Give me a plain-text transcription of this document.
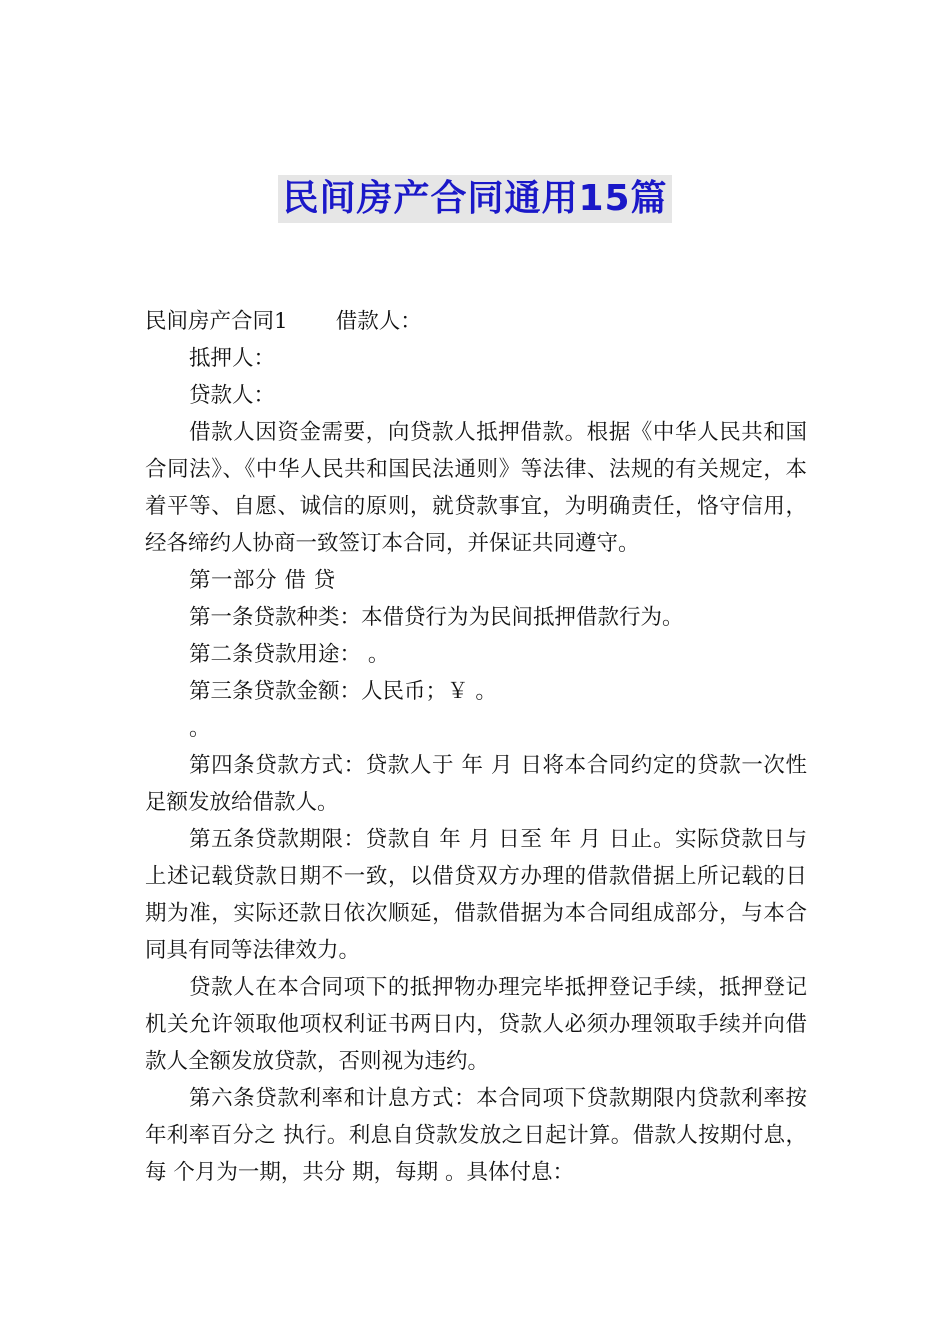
民间房产合同通用15篇

民间房产合同1 借款人：

抵押人：

贷款人：

借款人因资金需要，向贷款人抵押借款。根据《中华人民共和国合同法》、《中华人民共和国民法通则》等法律、法规的有关规定，本着平等、自愿、诚信的原则，就贷款事宜，为明确责任，恪守信用，经各缔约人协商一致签订本合同，并保证共同遵守。

第一部分 借 贷

第一条贷款种类：本借贷行为为民间抵押借款行为。

第二条贷款用途： 。

第三条贷款金额：人民币；￥ 。

。

第四条贷款方式：贷款人于 年 月 日将本合同约定的贷款一次性足额发放给借款人。

第五条贷款期限：贷款自 年 月 日至 年 月 日止。实际贷款日与上述记载贷款日期不一致，以借贷双方办理的借款借据上所记载的日期为准，实际还款日依次顺延，借款借据为本合同组成部分，与本合同具有同等法律效力。

贷款人在本合同项下的抵押物办理完毕抵押登记手续，抵押登记机关允许领取他项权利证书两日内，贷款人必须办理领取手续并向借款人全额发放贷款，否则视为违约。

第六条贷款利率和计息方式：本合同项下贷款期限内贷款利率按年利率百分之 执行。利息自贷款发放之日起计算。借款人按期付息，每 个月为一期，共分 期，每期 。具体付息：
